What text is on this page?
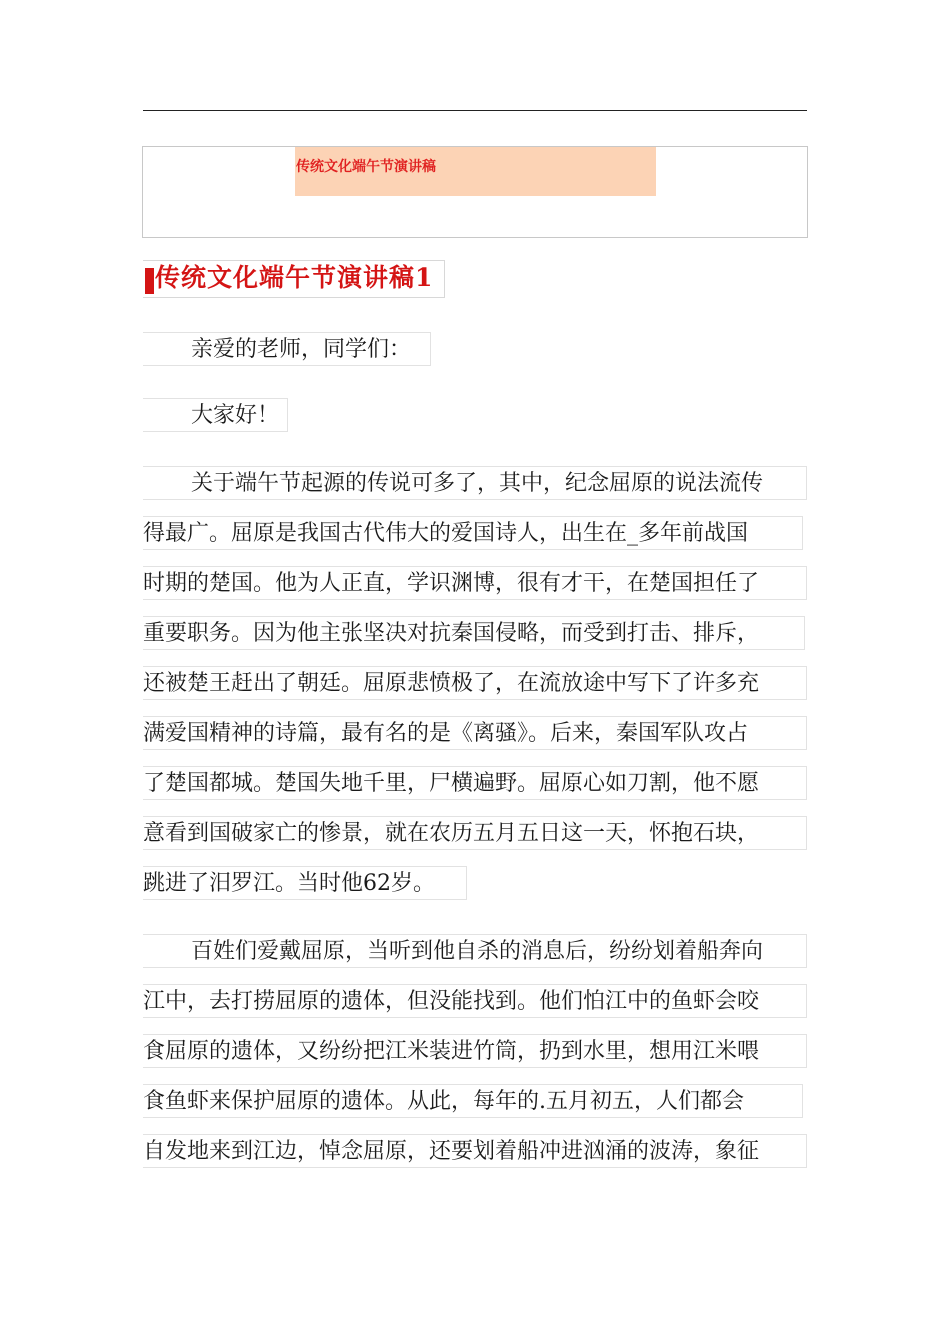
传统文化端午节演讲稿
传统文化端午节演讲稿1
亲爱的老师，同学们：
大家好！
关于端午节起源的传说可多了，其中，纪念屈原的说法流传
得最广。屈原是我国古代伟大的爱国诗人，出生在_多年前战国
时期的楚国。他为人正直，学识渊博，很有才干，在楚国担任了
重要职务。因为他主张坚决对抗秦国侵略，而受到打击、排斥，
还被楚王赶出了朝廷。屈原悲愤极了，在流放途中写下了许多充
满爱国精神的诗篇，最有名的是《离骚》。后来，秦国军队攻占
了楚国都城。楚国失地千里，尸横遍野。屈原心如刀割，他不愿
意看到国破家亡的惨景，就在农历五月五日这一天，怀抱石块，
跳进了汨罗江。当时他62岁。
百姓们爱戴屈原，当听到他自杀的消息后，纷纷划着船奔向
江中，去打捞屈原的遗体，但没能找到。他们怕江中的鱼虾会咬
食屈原的遗体，又纷纷把江米装进竹筒，扔到水里，想用江米喂
食鱼虾来保护屈原的遗体。从此，每年的.五月初五，人们都会
自发地来到江边，悼念屈原，还要划着船冲进汹涌的波涛，象征
